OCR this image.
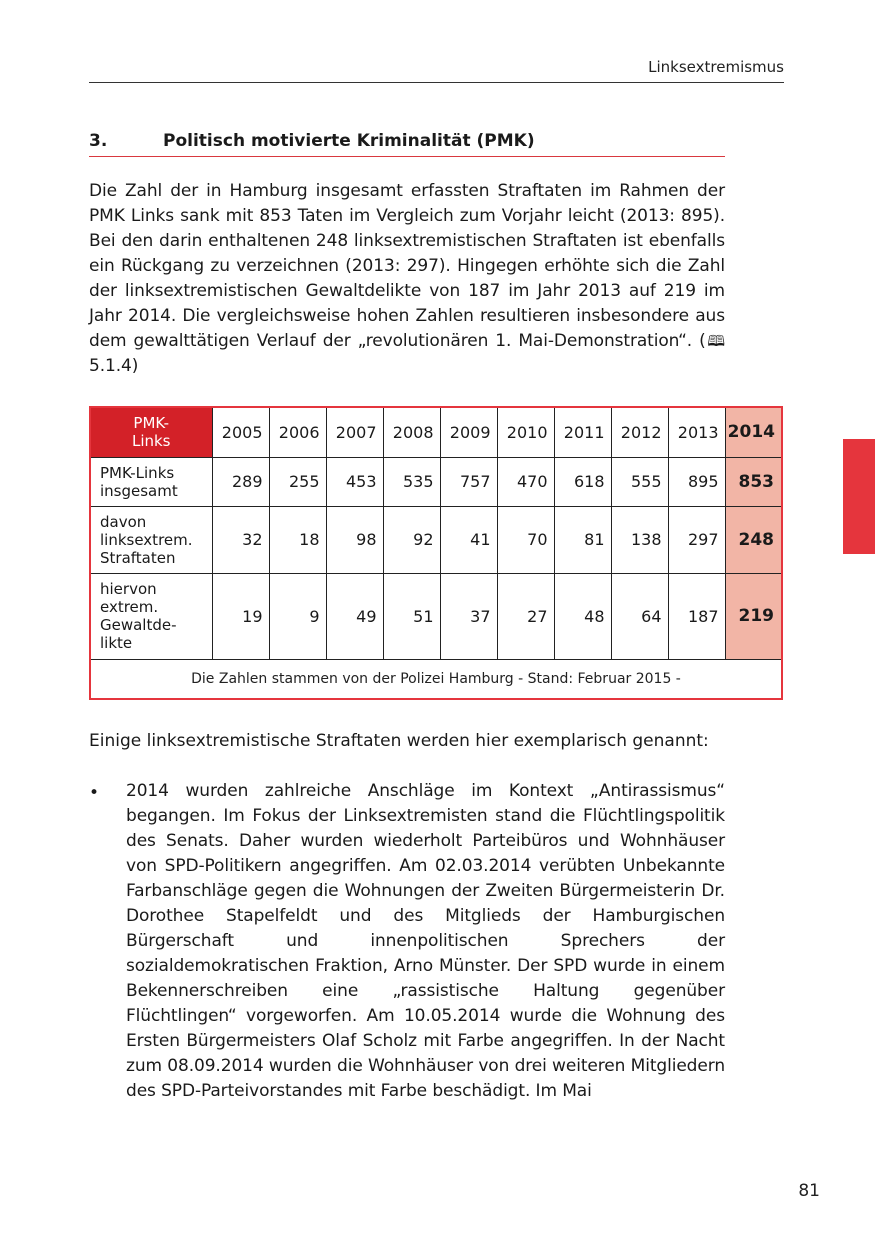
Linksextremismus
3.	Politisch motivierte Kriminalität (PMK)

Die Zahl der in Hamburg insgesamt erfassten Straftaten im Rahmen der PMK Links sank mit 853 Taten im Vergleich zum Vorjahr leicht (2013: 895). Bei den darin enthaltenen 248 linksextremistischen Straftaten ist ebenfalls ein Rückgang zu verzeichnen (2013: 297). Hingegen erhöhte sich die Zahl der linksextremistischen Gewaltdelikte von 187 im Jahr 2013 auf 219 im Jahr 2014. Die vergleichsweise hohen Zahlen resultieren insbesondere aus dem gewalttätigen Verlauf der „revolutionären 1. Mai-Demonstration“. (🕮 5.1.4)

PMK-
Links	2005	2006	2007	2008	2009	2010	2011	2012	2013	2014
PMK-Links
insgesamt	289	255	453	535	757	470	618	555	895	853
davon
linksextrem.
Straftaten	32	18	98	92	41	70	81	138	297	248
hiervon
extrem.
Gewaltde-
likte	19	9	49	51	37	27	48	64	187	219
Die Zahlen stammen von der Polizei Hamburg - Stand: Februar 2015 -

Einige linksextremistische Straftaten werden hier exemplarisch genannt:

• 2014 wurden zahlreiche Anschläge im Kontext „Antirassismus“ begangen. Im Fokus der Linksextremisten stand die Flüchtlingspolitik des Senats. Daher wurden wiederholt Parteibüros und Wohnhäuser von SPD-Politikern angegriffen. Am 02.03.2014 verübten Unbekannte Farbanschläge gegen die Wohnungen der Zweiten Bürgermeisterin Dr. Dorothee Stapelfeldt und des Mitglieds der Hamburgischen Bürgerschaft und innenpolitischen Sprechers der sozialdemokratischen Fraktion, Arno Münster. Der SPD wurde in einem Bekennerschreiben eine „rassistische Haltung gegenüber Flüchtlingen“ vorgeworfen. Am 10.05.2014 wurde die Wohnung des Ersten Bürgermeisters Olaf Scholz mit Farbe angegriffen. In der Nacht zum 08.09.2014 wurden die Wohnhäuser von drei weiteren Mitgliedern des SPD-Parteivorstandes mit Farbe beschädigt. Im Mai

81
